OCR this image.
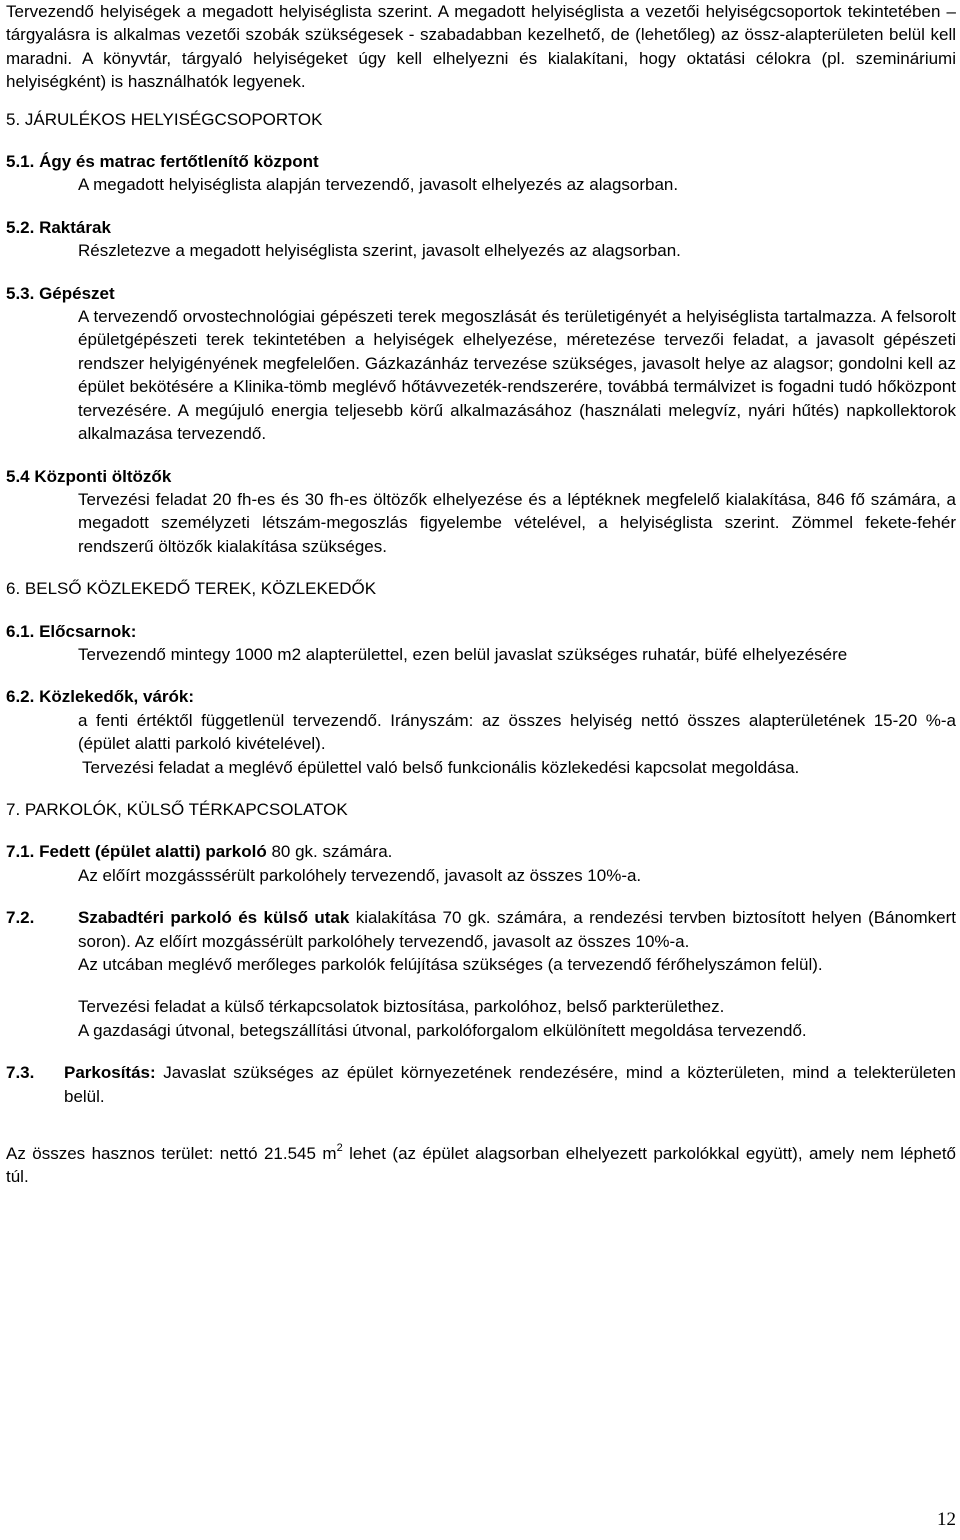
Tervezendő helyiségek a megadott helyiséglista szerint. A megadott helyiséglista a vezetői helyiségcsoportok tekintetében – tárgyalásra is alkalmas vezetői szobák szükségesek - szabadabban kezelhető, de (lehetőleg) az össz-alapterületen belül kell maradni. A könyvtár, tárgyaló helyiségeket úgy kell elhelyezni és kialakítani, hogy oktatási célokra (pl. szemináriumi helyiségként) is használhatók legyenek.

5. JÁRULÉKOS HELYISÉGCSOPORTOK

5.1. Ágy és matrac fertőtlenítő központ

A megadott helyiséglista alapján tervezendő, javasolt elhelyezés az alagsorban.

5.2. Raktárak

Részletezve a megadott helyiséglista szerint, javasolt elhelyezés az alagsorban.

5.3. Gépészet

A tervezendő orvostechnológiai gépészeti terek megoszlását és területigényét a helyiséglista tartalmazza. A felsorolt épületgépészeti terek tekintetében a helyiségek elhelyezése, méretezése tervezői feladat, a javasolt gépészeti rendszer helyigényének megfelelően. Gázkazánház tervezése szükséges, javasolt helye az alagsor; gondolni kell az épület bekötésére a Klinika-tömb meglévő hőtávvezeték-rendszerére, továbbá termálvizet is fogadni tudó hőközpont tervezésére. A megújuló energia teljesebb körű alkalmazásához (használati melegvíz, nyári hűtés) napkollektorok alkalmazása tervezendő.

5.4 Központi öltözők

Tervezési feladat 20 fh-es és 30 fh-es öltözők elhelyezése és a léptéknek megfelelő kialakítása, 846 fő számára, a megadott személyzeti létszám-megoszlás figyelembe vételével, a helyiséglista szerint. Zömmel fekete-fehér rendszerű öltözők kialakítása szükséges.

6. BELSŐ KÖZLEKEDŐ TEREK, KÖZLEKEDŐK

6.1. Előcsarnok:

Tervezendő mintegy 1000 m2 alapterülettel, ezen belül javaslat szükséges ruhatár, büfé elhelyezésére

6.2. Közlekedők, várók:

a fenti értéktől függetlenül tervezendő. Irányszám: az összes helyiség nettó összes alapterületének 15-20 %-a (épület alatti parkoló kivételével).

Tervezési feladat a meglévő épülettel való belső funkcionális közlekedési kapcsolat megoldása.

7. PARKOLÓK, KÜLSŐ TÉRKAPCSOLATOK

7.1. Fedett (épület alatti) parkoló 80 gk. számára.

Az előírt mozgásssérült parkolóhely tervezendő, javasolt az összes 10%-a.

7.2.	Szabadtéri parkoló és külső utak kialakítása 70 gk. számára, a rendezési tervben biztosított helyen (Bánomkert soron). Az előírt mozgássérült parkolóhely tervezendő, javasolt az összes 10%-a.

Az utcában meglévő merőleges parkolók felújítása szükséges (a tervezendő férőhelyszámon felül).

Tervezési feladat a külső térkapcsolatok biztosítása, parkolóhoz, belső parkterülethez.

A gazdasági útvonal, betegszállítási útvonal, parkolóforgalom elkülönített megoldása tervezendő.

7.3.	Parkosítás: Javaslat szükséges az épület környezetének rendezésére, mind a közterületen, mind a telekterületen belül.

Az összes hasznos terület: nettó 21.545 $m^2$ lehet (az épület alagsorban elhelyezett parkolókkal együtt), amely nem léphető túl.

12
